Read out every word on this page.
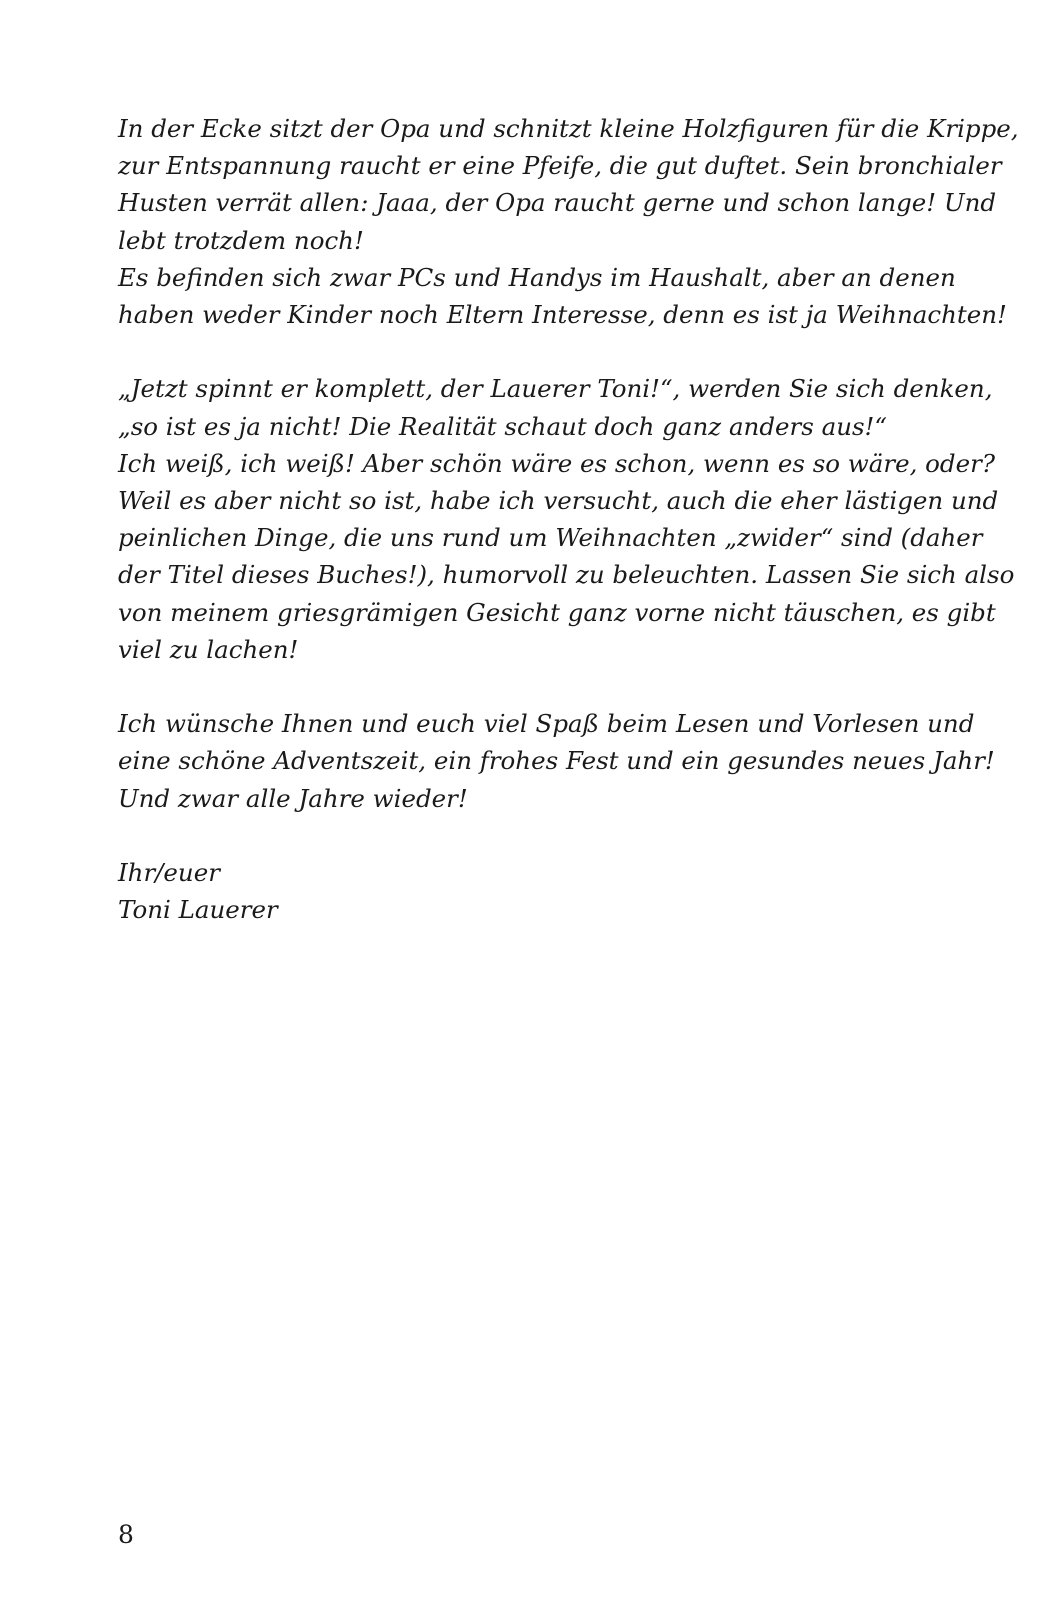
In der Ecke sitzt der Opa und schnitzt kleine Holzfiguren für die Krippe,
zur Entspannung raucht er eine Pfeife, die gut duftet. Sein bronchialer
Husten verrät allen: Jaaa, der Opa raucht gerne und schon lange! Und
lebt trotzdem noch!
Es befinden sich zwar PCs und Handys im Haushalt, aber an denen
haben weder Kinder noch Eltern Interesse, denn es ist ja Weihnachten!

„Jetzt spinnt er komplett, der Lauerer Toni!“, werden Sie sich denken,
„so ist es ja nicht! Die Realität schaut doch ganz anders aus!“
Ich weiß, ich weiß! Aber schön wäre es schon, wenn es so wäre, oder?
Weil es aber nicht so ist, habe ich versucht, auch die eher lästigen und
peinlichen Dinge, die uns rund um Weihnachten „zwider“ sind (daher
der Titel dieses Buches!), humorvoll zu beleuchten. Lassen Sie sich also
von meinem griesgrämigen Gesicht ganz vorne nicht täuschen, es gibt
viel zu lachen!

Ich wünsche Ihnen und euch viel Spaß beim Lesen und Vorlesen und
eine schöne Adventszeit, ein frohes Fest und ein gesundes neues Jahr!
Und zwar alle Jahre wieder!

Ihr/euer
Toni Lauerer

8
